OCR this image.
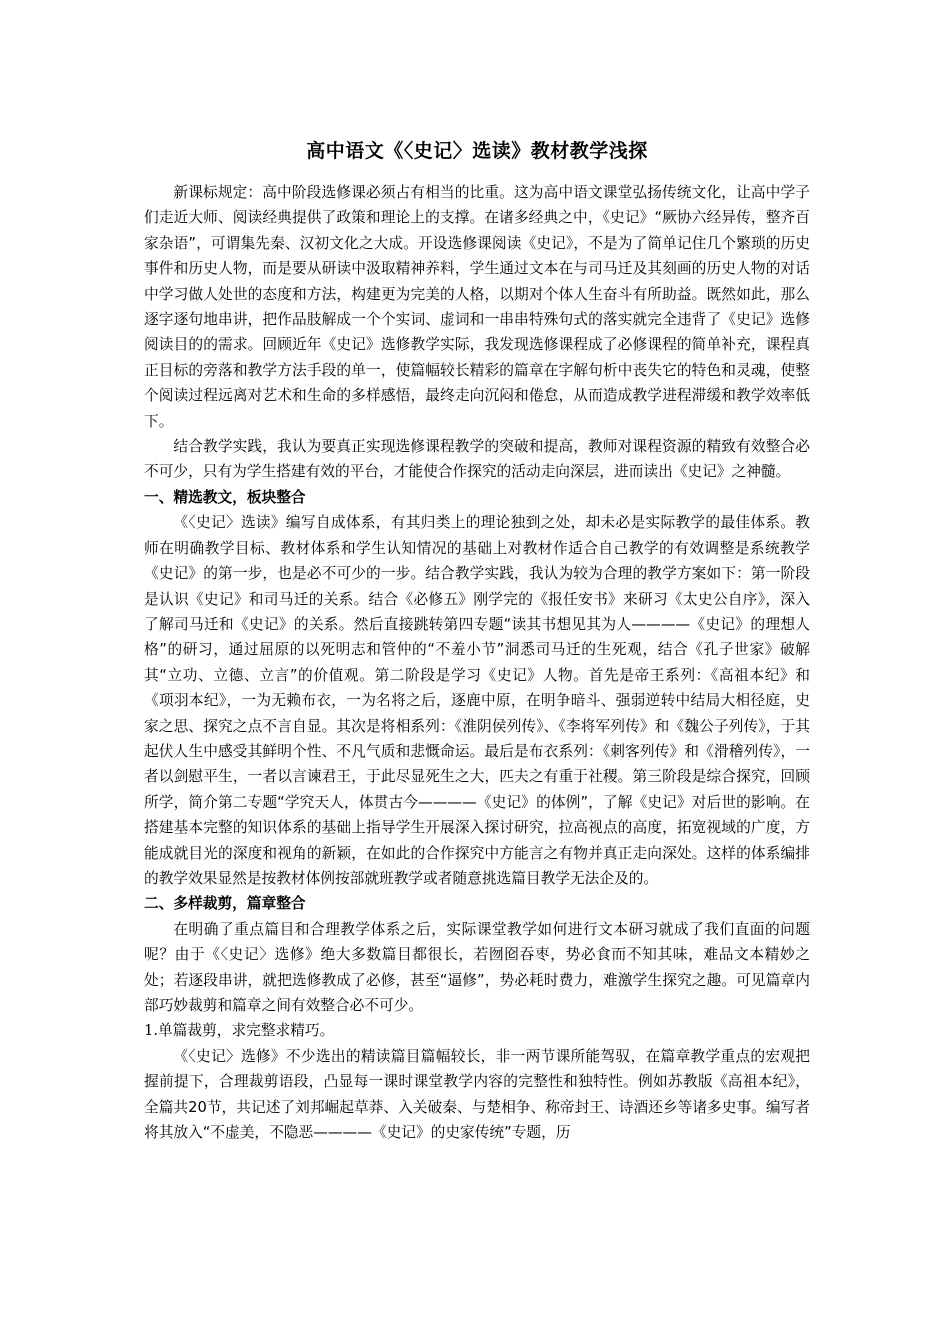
高中语文《〈史记〉选读》教材教学浅探

新课标规定：高中阶段选修课必须占有相当的比重。这为高中语文课堂弘扬传统文化，让高中学子们走近大师、阅读经典提供了政策和理论上的支撑。在诸多经典之中，《史记》“厥协六经异传，整齐百家杂语”，可谓集先秦、汉初文化之大成。开设选修课阅读《史记》，不是为了简单记住几个繁琐的历史事件和历史人物，而是要从研读中汲取精神养料，学生通过文本在与司马迁及其刻画的历史人物的对话中学习做人处世的态度和方法，构建更为完美的人格，以期对个体人生奋斗有所助益。既然如此，那么逐字逐句地串讲，把作品肢解成一个个实词、虚词和一串串特殊句式的落实就完全违背了《史记》选修阅读目的的需求。回顾近年《史记》选修教学实际，我发现选修课程成了必修课程的简单补充，课程真正目标的旁落和教学方法手段的单一，使篇幅较长精彩的篇章在字解句析中丧失它的特色和灵魂，使整个阅读过程远离对艺术和生命的多样感悟，最终走向沉闷和倦怠，从而造成教学进程滞缓和教学效率低下。

结合教学实践，我认为要真正实现选修课程教学的突破和提高，教师对课程资源的精致有效整合必不可少，只有为学生搭建有效的平台，才能使合作探究的活动走向深层，进而读出《史记》之神髓。

一、精选教文，板块整合

《〈史记〉选读》编写自成体系，有其归类上的理论独到之处，却未必是实际教学的最佳体系。教师在明确教学目标、教材体系和学生认知情况的基础上对教材作适合自己教学的有效调整是系统教学《史记》的第一步，也是必不可少的一步。结合教学实践，我认为较为合理的教学方案如下：第一阶段是认识《史记》和司马迁的关系。结合《必修五》刚学完的《报任安书》来研习《太史公自序》，深入了解司马迁和《史记》的关系。然后直接跳转第四专题“读其书想见其为人————《史记》的理想人格”的研习，通过屈原的以死明志和管仲的“不羞小节”洞悉司马迁的生死观，结合《孔子世家》破解其“立功、立德、立言”的价值观。第二阶段是学习《史记》人物。首先是帝王系列：《高祖本纪》和《项羽本纪》，一为无赖布衣，一为名将之后，逐鹿中原，在明争暗斗、强弱逆转中结局大相径庭，史家之思、探究之点不言自显。其次是将相系列：《淮阴侯列传》、《李将军列传》和《魏公子列传》，于其起伏人生中感受其鲜明个性、不凡气质和悲慨命运。最后是布衣系列：《刺客列传》和《滑稽列传》，一者以剑慰平生，一者以言谏君王，于此尽显死生之大，匹夫之有重于社稷。第三阶段是综合探究，回顾所学，简介第二专题“学究天人，体贯古今————《史记》的体例”，了解《史记》对后世的影响。在搭建基本完整的知识体系的基础上指导学生开展深入探讨研究，拉高视点的高度，拓宽视域的广度，方能成就目光的深度和视角的新颖，在如此的合作探究中方能言之有物并真正走向深处。这样的体系编排的教学效果显然是按教材体例按部就班教学或者随意挑选篇目教学无法企及的。

二、多样裁剪，篇章整合

在明确了重点篇目和合理教学体系之后，实际课堂教学如何进行文本研习就成了我们直面的问题呢？由于《〈史记〉选修》绝大多数篇目都很长，若囫囵吞枣，势必食而不知其味，难品文本精妙之处；若逐段串讲，就把选修教成了必修，甚至“逼修”，势必耗时费力，难激学生探究之趣。可见篇章内部巧妙裁剪和篇章之间有效整合必不可少。

1.单篇裁剪，求完整求精巧。

《〈史记〉选修》不少选出的精读篇目篇幅较长，非一两节课所能驾驭，在篇章教学重点的宏观把握前提下，合理裁剪语段，凸显每一课时课堂教学内容的完整性和独特性。例如苏教版《高祖本纪》，全篇共20节，共记述了刘邦崛起草莽、入关破秦、与楚相争、称帝封王、诗酒还乡等诸多史事。编写者将其放入“不虚美，不隐恶————《史记》的史家传统”专题，历
